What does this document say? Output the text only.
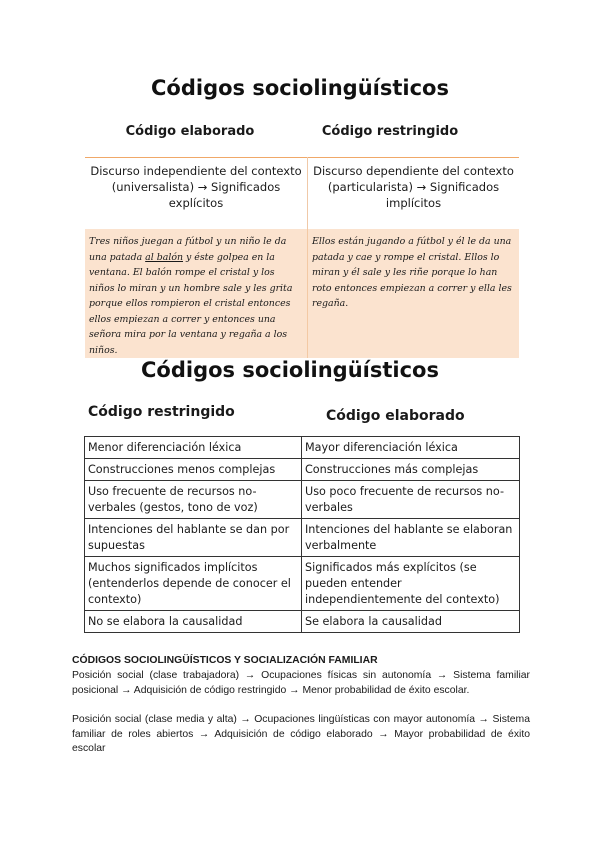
Códigos sociolingüísticos
Código elaborado	Código restringido
Discurso independiente del contexto (universalista) → Significados explícitos	Discurso dependiente del contexto (particularista) → Significados implícitos
Tres niños juegan a fútbol y un niño le da una patada al balón y éste golpea en la ventana. El balón rompe el cristal y los niños lo miran y un hombre sale y les grita porque ellos rompieron el cristal entonces ellos empiezan a correr y entonces una señora mira por la ventana y regaña a los niños.	Ellos están jugando a fútbol y él le da una patada y cae y rompe el cristal. Ellos lo miran y él sale y les riñe porque lo han roto entonces empiezan a correr y ella les regaña.
Códigos sociolingüísticos
Código restringido	Código elaborado
Menor diferenciación léxica	Mayor diferenciación léxica
Construcciones menos complejas	Construcciones más complejas
Uso frecuente de recursos no-verbales (gestos, tono de voz)	Uso poco frecuente de recursos no-verbales
Intenciones del hablante se dan por supuestas	Intenciones del hablante se elaboran verbalmente
Muchos significados implícitos (entenderlos depende de conocer el contexto)	Significados más explícitos (se pueden entender independientemente del contexto)
No se elabora la causalidad	Se elabora la causalidad
CÓDIGOS SOCIOLINGÜÍSTICOS Y SOCIALIZACIÓN FAMILIAR
Posición social (clase trabajadora) → Ocupaciones físicas sin autonomía → Sistema familiar posicional → Adquisición de código restringido → Menor probabilidad de éxito escolar.
Posición social (clase media y alta) → Ocupaciones lingüísticas con mayor autonomía → Sistema familiar de roles abiertos → Adquisición de código elaborado → Mayor probabilidad de éxito escolar
